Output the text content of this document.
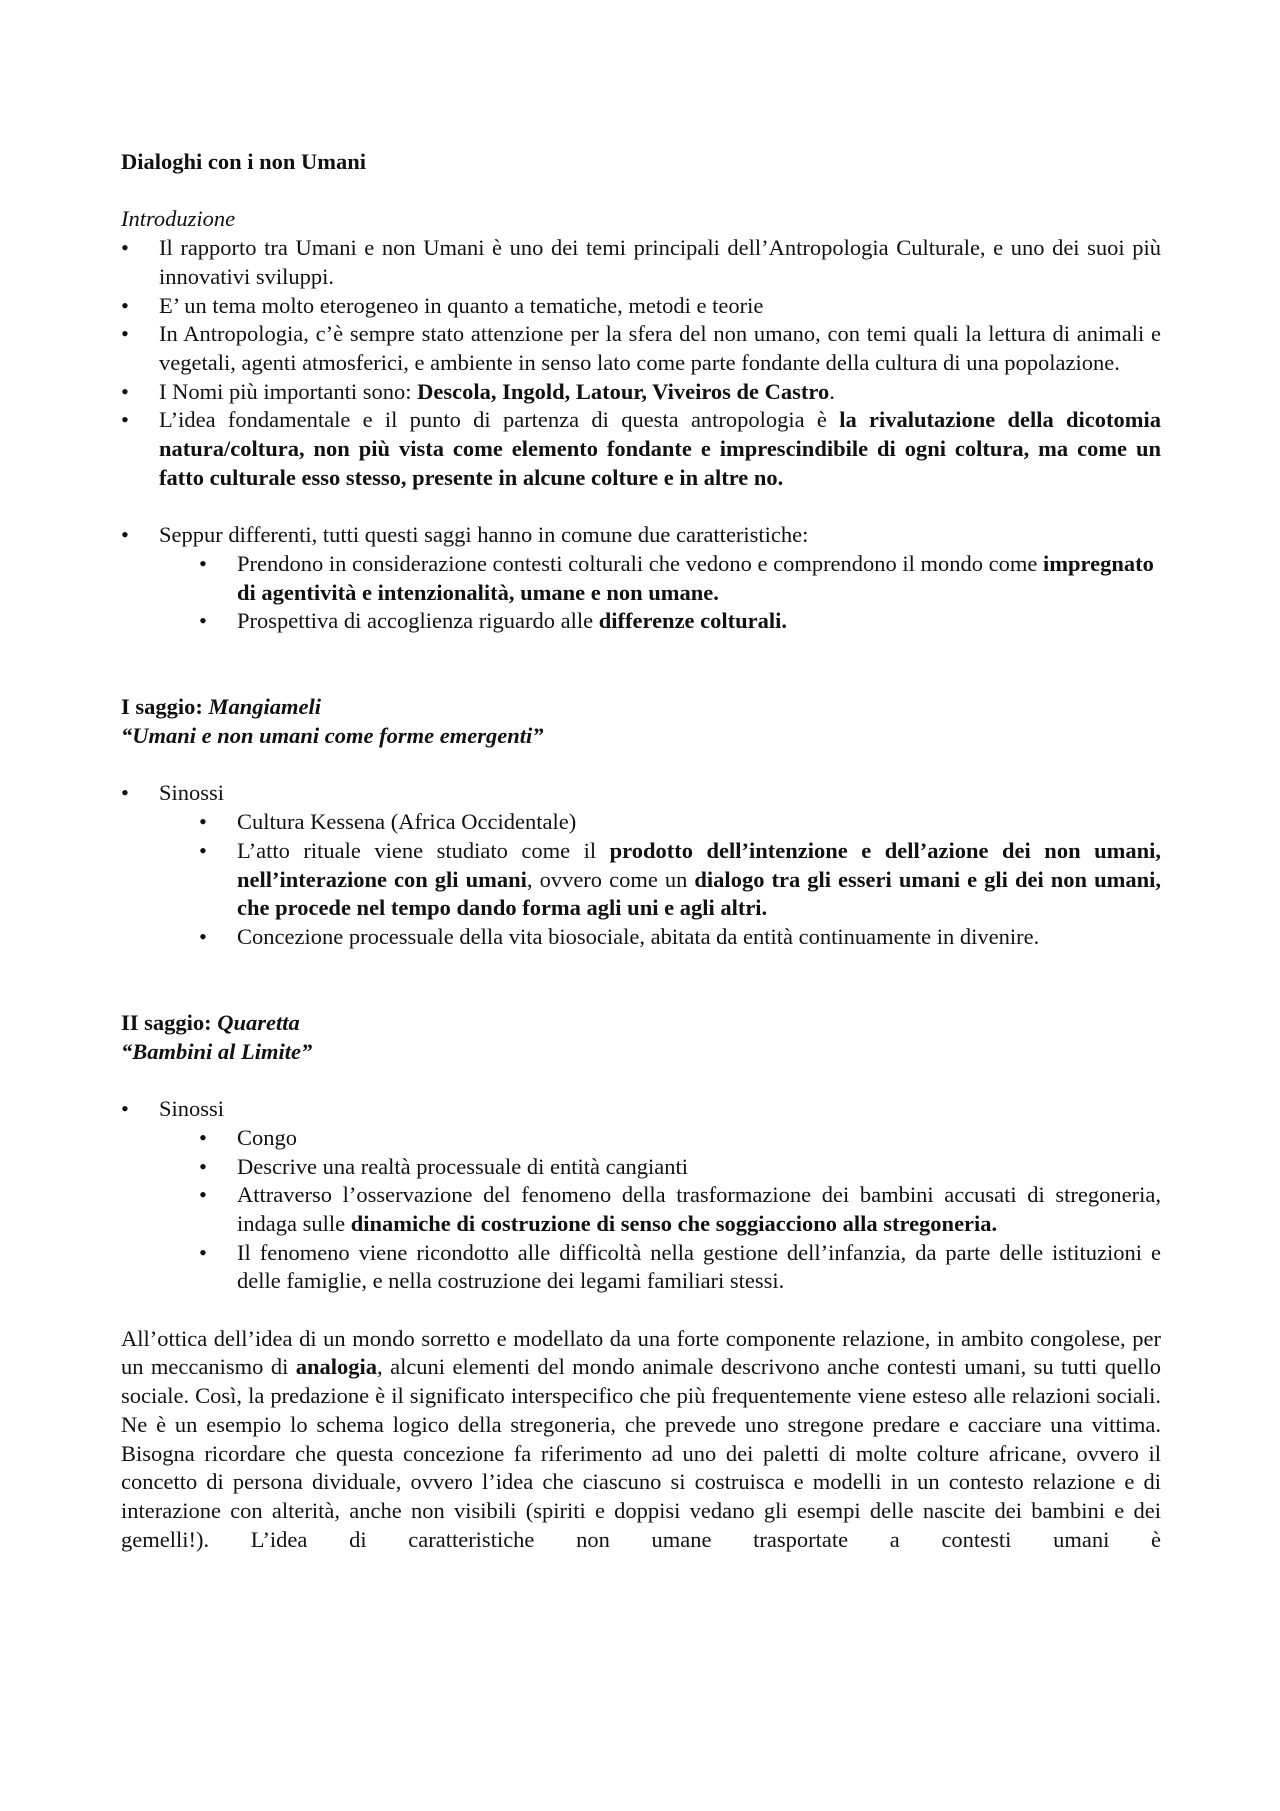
Dialoghi con i non Umani

Introduzione

• Il rapporto tra Umani e non Umani è uno dei temi principali dell’Antropologia Culturale, e uno dei suoi più innovativi sviluppi.

• E’ un tema molto eterogeneo in quanto a tematiche, metodi e teorie

• In Antropologia, c’è sempre stato attenzione per la sfera del non umano, con temi quali la lettura di animali e vegetali, agenti atmosferici, e ambiente in senso lato come parte fondante della cultura di una popolazione.

• I Nomi più importanti sono: Descola, Ingold, Latour, Viveiros de Castro.

• L’idea fondamentale e il punto di partenza di questa antropologia è la rivalutazione della dicotomia natura/coltura, non più vista come elemento fondante e imprescindibile di ogni coltura, ma come un fatto culturale esso stesso, presente in alcune colture e in altre no.

• Seppur differenti, tutti questi saggi hanno in comune due caratteristiche:

• Prendono in considerazione contesti colturali che vedono e comprendono il mondo come impregnato di agentività e intenzionalità, umane e non umane.

• Prospettiva di accoglienza riguardo alle differenze colturali.

I saggio: Mangiameli

“Umani e non umani come forme emergenti”

• Sinossi

• Cultura Kessena (Africa Occidentale)

• L’atto rituale viene studiato come il prodotto dell’intenzione e dell’azione dei non umani, nell’interazione con gli umani, ovvero come un dialogo tra gli esseri umani e gli dei non umani, che procede nel tempo dando forma agli uni e agli altri.

• Concezione processuale della vita biosociale, abitata da entità continuamente in divenire.

II saggio: Quaretta

“Bambini al Limite”

• Sinossi

• Congo

• Descrive una realtà processuale di entità cangianti

• Attraverso l’osservazione del fenomeno della trasformazione dei bambini accusati di stregoneria, indaga sulle dinamiche di costruzione di senso che soggiacciono alla stregoneria.

• Il fenomeno viene ricondotto alle difficoltà nella gestione dell’infanzia, da parte delle istituzioni e delle famiglie, e nella costruzione dei legami familiari stessi.

All’ottica dell’idea di un mondo sorretto e modellato da una forte componente relazione, in ambito congolese, per un meccanismo di analogia, alcuni elementi del mondo animale descrivono anche contesti umani, su tutti quello sociale. Così, la predazione è il significato interspecifico che più frequentemente viene esteso alle relazioni sociali. Ne è un esempio lo schema logico della stregoneria, che prevede uno stregone predare e cacciare una vittima. Bisogna ricordare che questa concezione fa riferimento ad uno dei paletti di molte colture africane, ovvero il concetto di persona dividuale, ovvero l’idea che ciascuno si costruisca e modelli in un contesto relazione e di interazione con alterità, anche non visibili (spiriti e doppisi vedano gli esempi delle nascite dei bambini e dei gemelli!). L’idea di caratteristiche non umane trasportate a contesti umani è
